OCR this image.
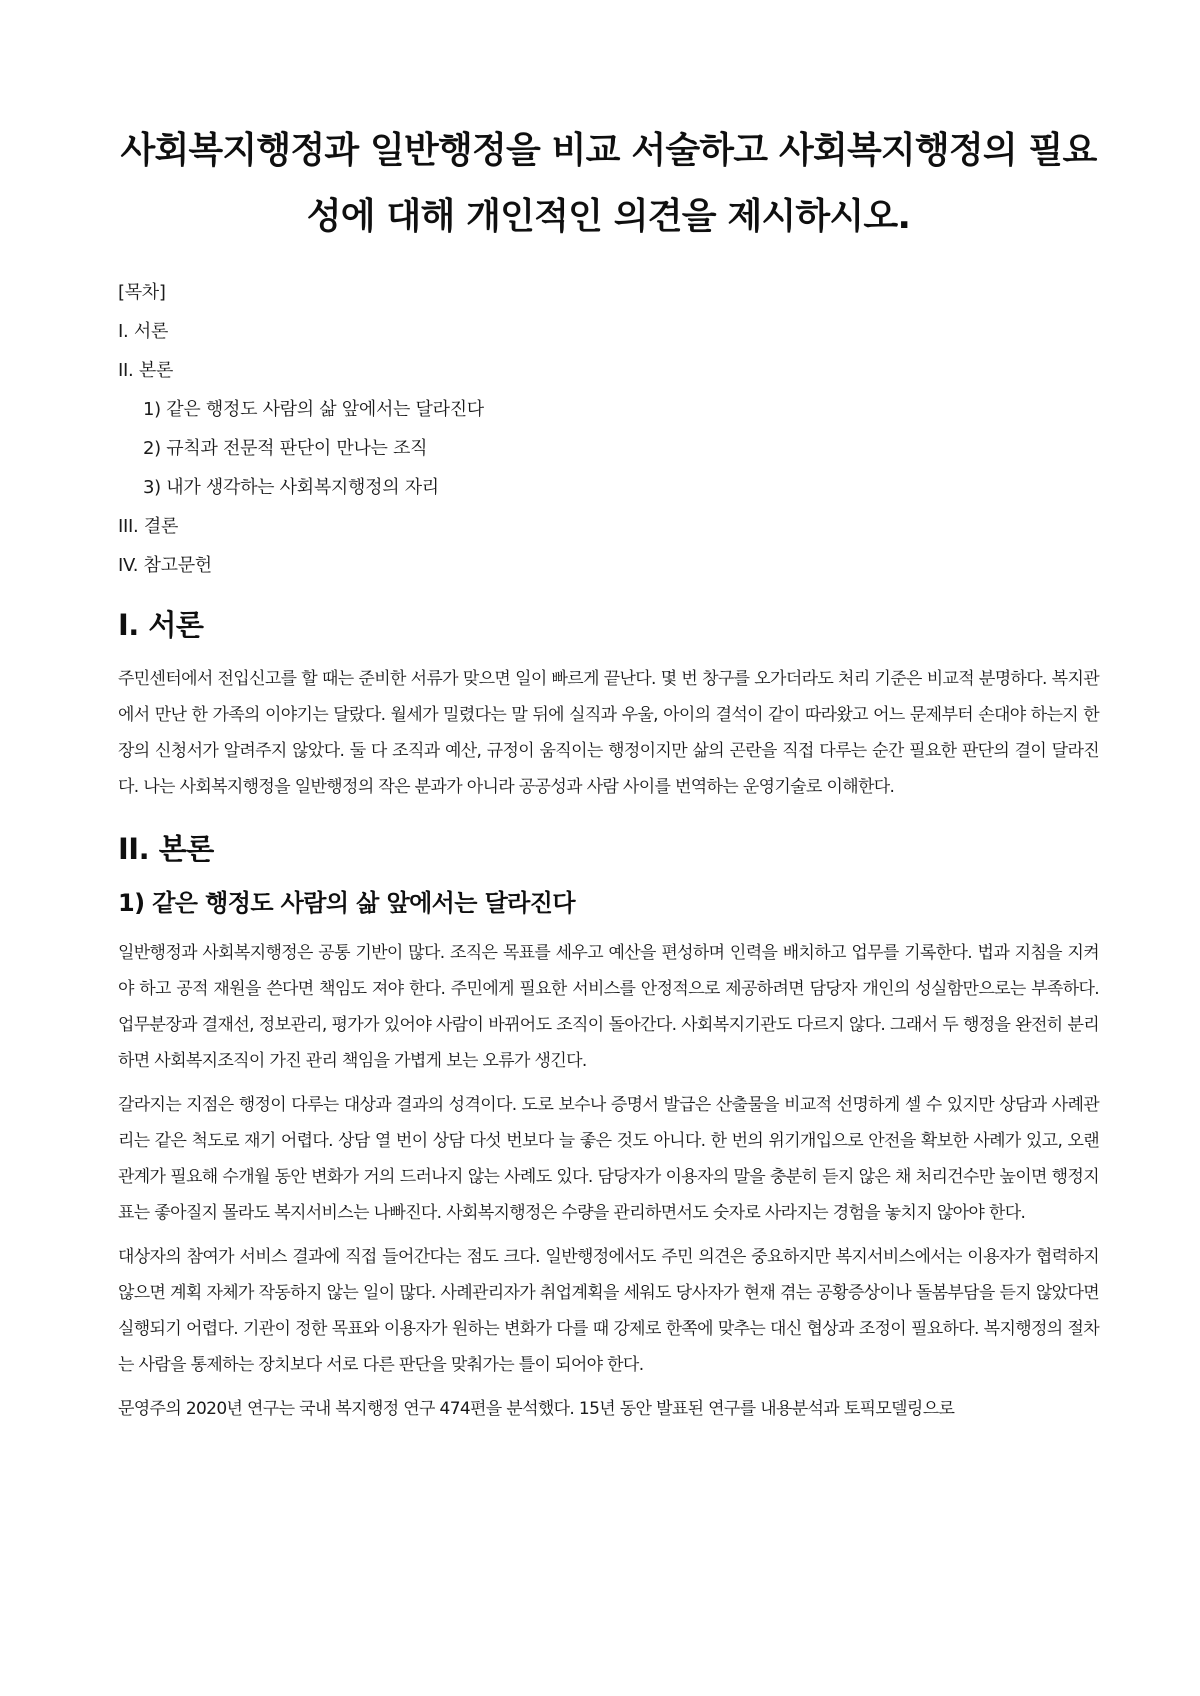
사회복지행정과 일반행정을 비교 서술하고 사회복지행정의 필요성에 대해 개인적인 의견을 제시하시오.
[목차]
I. 서론
II. 본론
1) 같은 행정도 사람의 삶 앞에서는 달라진다
2) 규칙과 전문적 판단이 만나는 조직
3) 내가 생각하는 사회복지행정의 자리
III. 결론
IV. 참고문헌
I. 서론

주민센터에서 전입신고를 할 때는 준비한 서류가 맞으면 일이 빠르게 끝난다. 몇 번 창구를 오가더라도 처리 기준은 비교적 분명하다. 복지관에서 만난 한 가족의 이야기는 달랐다. 월세가 밀렸다는 말 뒤에 실직과 우울, 아이의 결석이 같이 따라왔고 어느 문제부터 손대야 하는지 한 장의 신청서가 알려주지 않았다. 둘 다 조직과 예산, 규정이 움직이는 행정이지만 삶의 곤란을 직접 다루는 순간 필요한 판단의 결이 달라진다. 나는 사회복지행정을 일반행정의 작은 분과가 아니라 공공성과 사람 사이를 번역하는 운영기술로 이해한다.

II. 본론
1) 같은 행정도 사람의 삶 앞에서는 달라진다

일반행정과 사회복지행정은 공통 기반이 많다. 조직은 목표를 세우고 예산을 편성하며 인력을 배치하고 업무를 기록한다. 법과 지침을 지켜야 하고 공적 재원을 쓴다면 책임도 져야 한다. 주민에게 필요한 서비스를 안정적으로 제공하려면 담당자 개인의 성실함만으로는 부족하다. 업무분장과 결재선, 정보관리, 평가가 있어야 사람이 바뀌어도 조직이 돌아간다. 사회복지기관도 다르지 않다. 그래서 두 행정을 완전히 분리하면 사회복지조직이 가진 관리 책임을 가볍게 보는 오류가 생긴다.

갈라지는 지점은 행정이 다루는 대상과 결과의 성격이다. 도로 보수나 증명서 발급은 산출물을 비교적 선명하게 셀 수 있지만 상담과 사례관리는 같은 척도로 재기 어렵다. 상담 열 번이 상담 다섯 번보다 늘 좋은 것도 아니다. 한 번의 위기개입으로 안전을 확보한 사례가 있고, 오랜 관계가 필요해 수개월 동안 변화가 거의 드러나지 않는 사례도 있다. 담당자가 이용자의 말을 충분히 듣지 않은 채 처리건수만 높이면 행정지표는 좋아질지 몰라도 복지서비스는 나빠진다. 사회복지행정은 수량을 관리하면서도 숫자로 사라지는 경험을 놓치지 않아야 한다.

대상자의 참여가 서비스 결과에 직접 들어간다는 점도 크다. 일반행정에서도 주민 의견은 중요하지만 복지서비스에서는 이용자가 협력하지 않으면 계획 자체가 작동하지 않는 일이 많다. 사례관리자가 취업계획을 세워도 당사자가 현재 겪는 공황증상이나 돌봄부담을 듣지 않았다면 실행되기 어렵다. 기관이 정한 목표와 이용자가 원하는 변화가 다를 때 강제로 한쪽에 맞추는 대신 협상과 조정이 필요하다. 복지행정의 절차는 사람을 통제하는 장치보다 서로 다른 판단을 맞춰가는 틀이 되어야 한다.

문영주의 2020년 연구는 국내 복지행정 연구 474편을 분석했다. 15년 동안 발표된 연구를 내용분석과 토픽모델링으로
